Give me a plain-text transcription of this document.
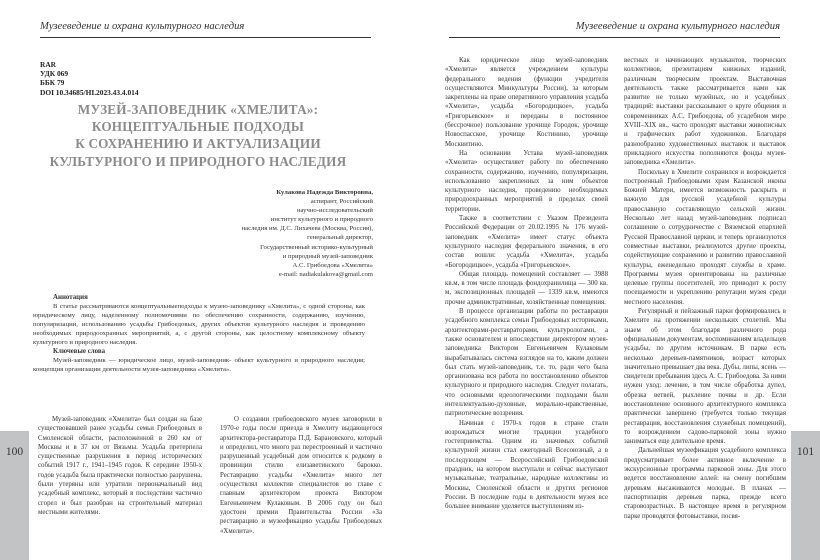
Музееведение и охрана культурного наследия
RAR
УДК 069
ББК 79
DOI 10.34685/HI.2023.43.4.014
МУЗЕЙ-ЗАПОВЕДНИК «ХМЕЛИТА»:
КОНЦЕПТУАЛЬНЫЕ ПОДХОДЫ
К СОХРАНЕНИЮ И АКТУАЛИЗАЦИИ
КУЛЬТУРНОГО И ПРИРОДНОГО НАСЛЕДИЯ
Кулакова Надежда Викторовна,
аспирант, Российский
научно-исследовательский
институт культурного и природного
наследия им. Д.С. Лихачева (Москва, Россия),
генеральный директор,
Государственный историко-культурный
и природный музей-заповедник
А.С. Грибоедова «Хмелита»
e-mail: nadiakulakova@gmail.com
Аннотация

В статье рассматриваются концептуальныеподходы к музею-заповеднику «Хмелита», с одной стороны, как юридическому лицу, наделенному полномочиями по обеспечению сохранности, содержанию, изучению, популяризации, использованию усадьбы Грибоедовых, других объектов культурного наследия и проведению необходимых природоохранных мероприятий, а, с другой стороны, как целостному комплексному объекту культурного и природного наследия.

Ключевые слова

Музей-заповедник — юридическое лицо, музей-заповедник- объект культурного и природного наследия; концепция организации деятельности музея-заповедника «Хмелита».

Музей-заповедник «Хмелита» был создан на базе существовавшей ранее усадьбы семьи Грибоедовых в Смоленской области, расположенной в 260 км от Москвы и в 37 км от Вязьмы. Усадьба претерпела существенные разрушения в период исторических событий 1917 г., 1941–1945 годов. К середине 1950-х годов усадьба была практически полностью разрушена, были утеряны или утратили первоначальный вид усадебный комплекс, который в последствии частично сгорел и был разобран на строительный материал местными жителями.

О создании грибоедовского музея заговорили в 1970-е годы после приезда в Хмелиту выдающегося архитектора-реставратора П.Д. Барановского, который и определил, что много раз перестроенный и частично разрушенный усадебный дом относится к редкому в провинции стилю елизаветинского барокко. Реставрацию усадьбы «Хмелита» много лет осуществлял коллектив специалистов во главе с главным архитектором проекта Виктором Евгеньевичем Кулаковым. В 2006 году он был удостоен премии Правительства России «За реставрацию и музеефикацию усадьбы Грибоедовых «Хмелита».

100
Музееведение и охрана культурного наследия

Как юридическое лицо музей-заповедник «Хмелита» является учреждением культуры федерального ведения (функции учредителя осуществляются Минкультуры России), за которым закреплены на праве оперативного управления усадьба «Хмелита», усадьба «Богородицкое», усадьба «Григорьевское» и переданы в постоянное (бессрочное) пользование урочище Городок, урочище Новоспасское, урочище Костинино, урочище Москвитино.

На основании Устава музей-заповедник «Хмелита» осуществляет работу по обеспечению сохранности, содержанию, изучению, популяризации, использованию закрепленных за ним объектов культурного наследия, проведению необходимых природоохранных мероприятий в пределах своей территории.

Также в соответствии с Указом Президента Российской Федерации от 20.02.1995 № 176 музей-заповедник «Хмелита» имеет статус объекта культурного наследия федерального значения, в его состав вошли: усадьба «Хмелита», усадьба «Богородицкое», усадьба «Григорьевское».

Общая площадь помещений составляет — 3988 кв.м, в том числе площадь фондохранилища — 300 кв. м, экспозиционных площадей — 1339 кв.м, имеются прочие административные, хозяйственные помещения.

В процессе организации работы по реставрации усадебного комплекса семьи Грибоедовых историками, архитекторами-реставраторами, культурологами, а также основателем и впоследствии директором музея-заповедника Виктором Евгеньевичем Кулаковым вырабатывалась система взглядов на то, каким должен был стать музей-заповедник, т.е. то, ради чего была организована вся работа по восстановлению объектов культурного и природного наследия. Следует полагать, что основными идеологическими подходами были интеллектуально-духовные, морально-нравственные, патриотические воззрения.

Начиная с 1970-х годов в стране стали возрождаться многие традиции усадебного гостеприимства. Одним из значимых событий культурной жизни стал ежегодный Всесоюзный, а в последующем — Всероссийский Грибоедовский праздник, на котором выступали и сейчас выступают музыкальные, театральные, народные коллективы из Москвы, Смоленской области и других регионов России. В последние годы в деятельности музея все большее внимание уделяется выступлениям из-

вестных и начинающих музыкантов, творческих коллективов, презентациям книжных изданий, различным творческим проектам. Выставочная деятельность также рассматривается нами как развитие не только музейных, но и усадебных традиций: выставки рассказывают о круге общения и современниках А.С. Грибоедова, об усадебном мире XVIII–XIX вв., часто проходят выставки живописных и графических работ художников. Благодаря разнообразию художественных выставок и выставок прикладного искусства пополняются фонды музея-заповедника «Хмелита».

Поскольку в Хмелите сохранился и возрождается построенный Грибоедовыми храм Казанской иконы Божией Матери, имеется возможность раскрыть и важную для русской усадебной культуры православную составляющую сельской жизни. Несколько лет назад музей-заповедник подписал соглашение о сотрудничестве с Вяземской епархией Русской Православной церкви, и теперь организуются совместные выставки, реализуются другие проекты, содействующие сохранению и развитию православной культуры, еженедельно проходят службы в храме. Программы музея ориентированы на различные целевые группы посетителей, это приводит к росту посещаемости и укреплению репутации музея среди местного населения.

Регулярный и пейзажный парки формировались в Хмелите на протяжении нескольких столетий. Мы знаем об этом благодаря различного рода официальным документам, воспоминаниям владельцев усадьбы, по другим источникам. В парке есть несколько деревьев-памятников, возраст которых значительно превышает два века. Дубы, липы, ясень — свидетели пребывания здесь А. С. Грибоедова. За ними нужен уход: лечение, в том числе обработка дупел, обрезка ветвей, рыхление почвы и др. Если восстановление основного архитектурного комплекса практически завершено (требуется только текущая реставрация, восстановления служебных помещений), то возрождением садово-парковой зоны нужно заниматься еще длительное время.

Дальнейшая музеефикация усадебного комплекса предусматривает более активное включение в экскурсионные программы парковой зоны. Для этого ведется восстановление аллей: на смену погибшим деревьям высаживаются молодые. В планах — паспортизация деревьев парка, прежде всего старовозрастных. В настоящее время в регулярном парке проводятся фотовыставки, посвя-

101
